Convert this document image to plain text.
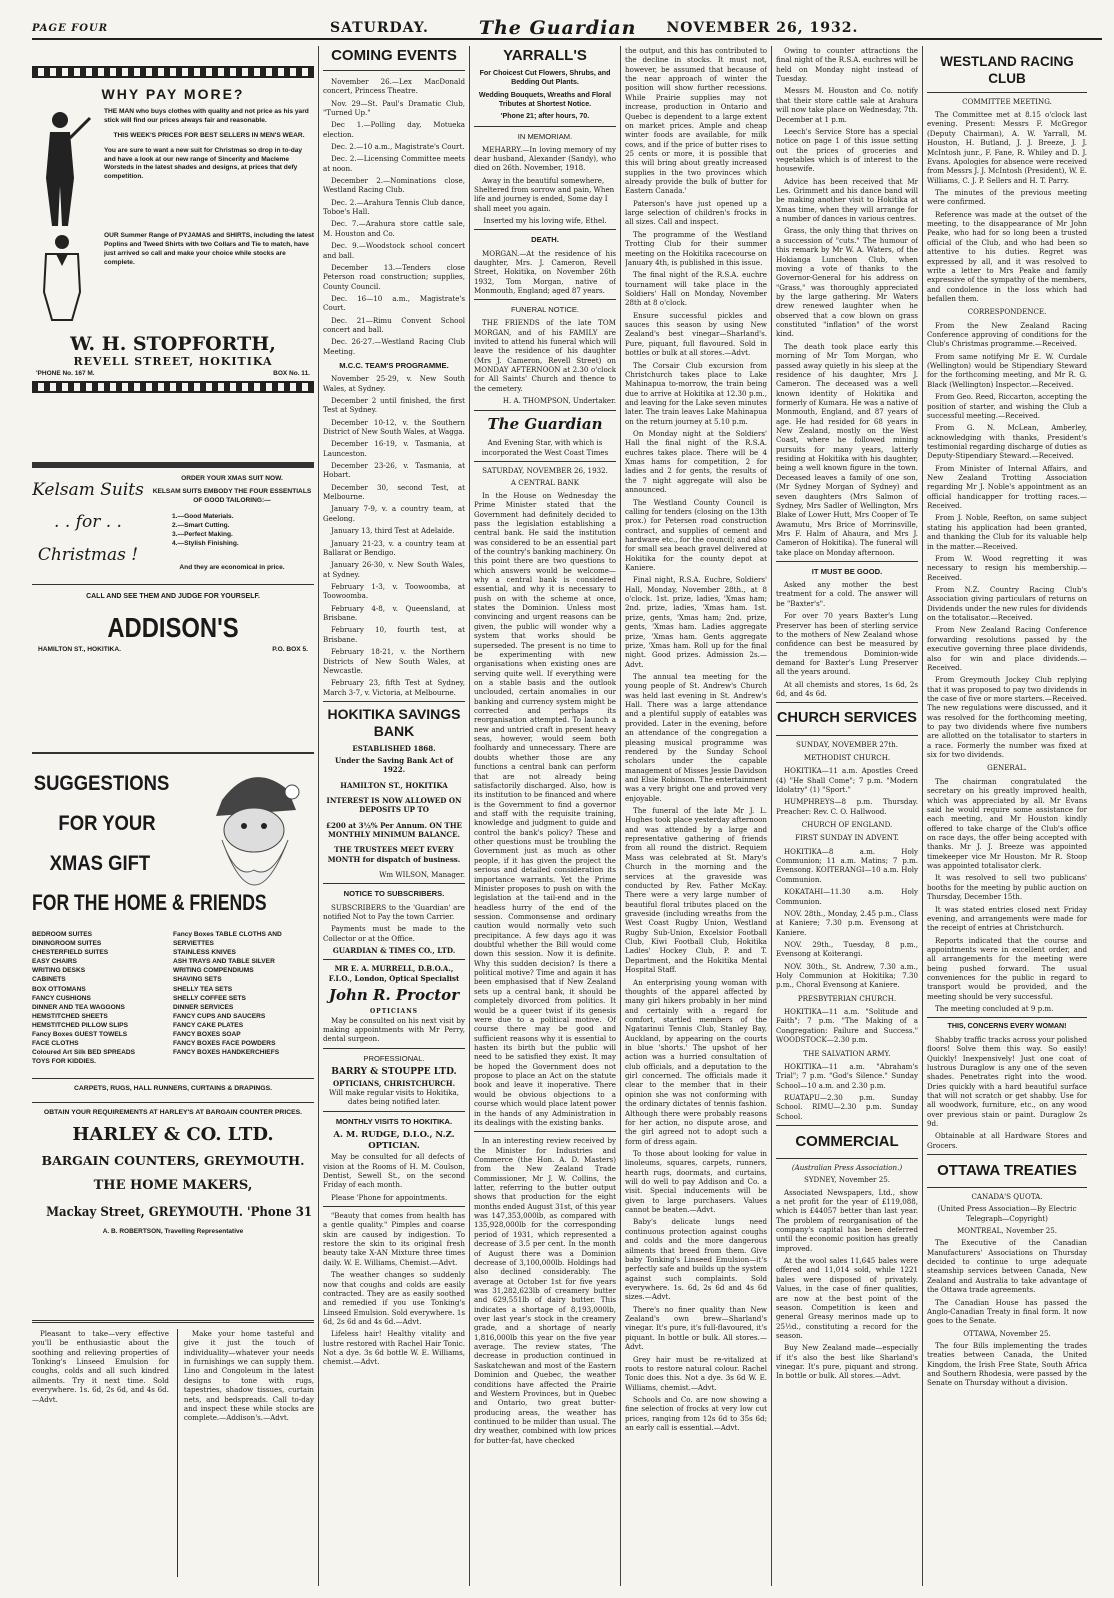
PAGE FOUR	SATURDAY.	The Guardian NOVEMBER 26, 1932.
WHY PAY MORE?

THE MAN who buys clothes with quality and not price as his yard stick will find our prices always fair and reasonable.

THIS WEEK'S PRICES FOR BEST SELLERS IN MEN'S WEAR.

You are sure to want a new suit for Christmas so drop in to-day and have a look at our new range of Sincerity and Macleme Worsteds in the latest shades and designs, at prices that defy competition.

OUR Summer Range of PYJAMAS and SHIRTS, including the latest Poplins and Tweed Shirts with two Collars and Tie to match, have just arrived so call and make your choice while stocks are complete.

W. H. STOPFORTH,
REVELL STREET, HOKITIKA
'PHONE No. 167 M.	BOX No. 11.
Kelsam Suits
. . for . .
Christmas !
ORDER YOUR XMAS SUIT NOW.
KELSAM SUITS EMBODY THE FOUR ESSENTIALS OF GOOD TAILORING:—
1.—Good Materials.
2.—Smart Cutting.
3.—Perfect Making.
4.—Stylish Finishing.
And they are economical in price.
CALL AND SEE THEM AND JUDGE FOR YOURSELF.
ADDISON'S
HAMILTON ST., HOKITIKA.	P.O. BOX 5.
SUGGESTIONS
FOR YOUR
XMAS GIFT
FOR THE HOME & FRIENDS
BEDROOM SUITES
DININGROOM SUITES
CHESTERFIELD SUITES
EASY CHAIRS
WRITING DESKS
CABINETS
BOX OTTOMANS
FANCY CUSHIONS
DINNER AND TEA WAGGONS
HEMSTITCHED SHEETS
HEMSTITCHED PILLOW SLIPS
Fancy Boxes GUEST TOWELS
FACE CLOTHS
Coloured Art Silk BED SPREADS
TOYS FOR KIDDIES.
Fancy Boxes TABLE CLOTHS AND SERVIETTES
STAINLESS KNIVES
ASH TRAYS AND TABLE SILVER
WRITING COMPENDIUMS
SHAVING SETS
SHELLY TEA SETS
SHELLY COFFEE SETS
DINNER SERVICES
FANCY CUPS AND SAUCERS
FANCY CAKE PLATES
FANCY BOXES SOAP
FANCY BOXES FACE POWDERS
FANCY BOXES HANDKERCHIEFS
CARPETS, RUGS, HALL RUNNERS, CURTAINS & DRAPINGS.
OBTAIN YOUR REQUIREMENTS AT HARLEY'S AT BARGAIN COUNTER PRICES.
HARLEY & CO. LTD.
BARGAIN COUNTERS, GREYMOUTH.
THE HOME MAKERS,
Mackay Street, GREYMOUTH. 'Phone 31
A. B. ROBERTSON, Travelling Representative

Pleasant to take—very effective you'll be enthusiastic about the soothing and relieving properties of Tonking's Linseed Emulsion for coughs, colds and all such kindred ailments. Try it next time. Sold everywhere. 1s. 6d, 2s 6d, and 4s 6d.—Advt.

Make your home tasteful and give it just the touch of individuality—whatever your needs in furnishings we can supply them. Lino and Congoleum in the latest designs to tone with rugs, tapestries, shadow tissues, curtain nets, and bedspreads. Call to-day and inspect these while stocks are complete.—Addison's.—Advt.

COMING EVENTS

November 26.—Lex MacDonald concert, Princess Theatre.

Nov. 29—St. Paul's Dramatic Club, "Turned Up."

Dec 1.—Polling day, Motueka election.

Dec. 2.—10 a.m., Magistrate's Court.

Dec. 2.—Licensing Committee meets at noon.

December 2.—Nominations close, Westland Racing Club.

Dec. 2.—Arahura Tennis Club dance, Toboe's Hall.

Dec. 7.—Arahura store cattle sale, M. Houston and Co.

Dec. 9.—Woodstock school concert and ball.

December 13.—Tenders close Peterson road construction; supplies, County Council.

Dec. 16—10 a.m., Magistrate's Court.

Dec. 21—Rimu Convent School concert and ball.

Dec. 26-27.—Westland Racing Club Meeting.

M.C.C. TEAM'S PROGRAMME.

November 25-29, v. New South Wales, at Sydney.

December 2 until finished, the first Test at Sydney.

December 10-12, v. the Southern District of New South Wales, at Wagga.

December 16-19, v. Tasmania, at Launceston.

December 23-26, v. Tasmania, at Hobart.

December 30, second Test, at Melbourne.

January 7-9, v. a country team, at Geelong.

January 13, third Test at Adelaide.

January 21-23, v. a country team at Ballarat or Bendigo.

January 26-30, v. New South Wales, at Sydney.

February 1-3, v. Toowoomba, at Toowoomba.

February 4-8, v. Queensland, at Brisbane.

February 10, fourth test, at Brisbane.

February 18-21, v. the Northern Districts of New South Wales, at Newcastle.

February 23, fifth Test at Sydney, March 3-7, v. Victoria, at Melbourne.

HOKITIKA SAVINGS BANK
ESTABLISHED 1868.
Under the Saving Bank Act of 1922.
HAMILTON ST., HOKITIKA
INTEREST IS NOW ALLOWED ON DEPOSITS UP TO
£200 at 3½% Per Annum. ON THE MONTHLY MINIMUM BALANCE.
THE TRUSTEES MEET EVERY MONTH for dispatch of business.
Wm WILSON, Manager.
NOTICE TO SUBSCRIBERS.

SUBSCRIBERS to the 'Guardian' are notified Not to Pay the town Carrier.

Payments must be made to the Collector or at the Office.

GUARDIAN & TIMES CO., LTD.

MR E. A. MURRELL, D.B.O.A., F.I.O., London, Optical Specialist

John R. Proctor
OPTICIANS

May be consulted on his next visit by making appointments with Mr Perry, dental surgeon.

PROFESSIONAL.
BARRY & STOUPPE LTD.
OPTICIANS, CHRISTCHURCH.

Will make regular visits to Hokitika, dates being notified later.

MONTHLY VISITS TO HOKITIKA.
A. M. RUDGE, D.I.O., N.Z. OPTICIAN.

May be consulted for all defects of vision at the Rooms of H. M. Coulson, Dentist, Sewell St., on the second Friday of each month.

Please 'Phone for appointments.

"Beauty that comes from health has a gentle quality." Pimples and coarse skin are caused by indigestion. To restore the skin to its original fresh beauty take X-AN Mixture three times daily. W. E. Williams, Chemist.—Advt.

The weather changes so suddenly now that coughs and colds are easily contracted. They are as easily soothed and remedied if you use Tonking's Linseed Emulsion. Sold everywhere. 1s 6d, 2s 6d and 4s 6d.—Advt.

Lifeless hair! Healthy vitality and lustre restored with Rachel Hair Tonic. Not a dye. 3s 6d bottle W. E. Williams, chemist.—Advt.

YARRALL'S
For Choicest Cut Flowers, Shrubs, and Bedding Out Plants.
Wedding Bouquets, Wreaths and Floral Tributes at Shortest Notice.
'Phone 21; after hours, 70.
IN MEMORIAM.

MEHARRY.—In loving memory of my dear husband, Alexander (Sandy), who died on 26th. November, 1918.

Away in the beautiful somewhere, Sheltered from sorrow and pain, When life and journey is ended, Some day I shall meet you again.

Inserted my his loving wife, Ethel.

DEATH.

MORGAN.—At the residence of his daughter, Mrs. J. Cameron, Revell Street, Hokitika, on November 26th 1932, Tom Morgan, native of Monmouth, England; aged 87 years.

FUNERAL NOTICE.

THE FRIENDS of the late TOM MORGAN, and of his FAMILY are invited to attend his funeral which will leave the residence of his daughter (Mrs J. Cameron, Revell Street) on MONDAY AFTERNOON at 2.30 o'clock for All Saints' Church and thence to the cemetery.

H. A. THOMPSON, Undertaker.

The Guardian

And Evening Star, with which is incorporated the West Coast Times

SATURDAY, NOVEMBER 26, 1932.
A CENTRAL BANK

In the House on Wednesday the Prime Minister stated that the Government had definitely decided to pass the legislation establishing a central bank. He said the institution was considered to be an essential part of the country's banking machinery. On this point there are two questions to which answers would be welcome—why a central bank is considered essential, and why it is necessary to push on with the scheme at once, states the Dominion. Unless most convincing and urgent reasons can be given, the public will wonder why a system that works should be superseded. The present is no time to be experimenting with new organisations when existing ones are serving quite well. If everything were on a stable basis and the outlook unclouded, certain anomalies in our banking and currency system might be corrected and perhaps its reorganisation attempted. To launch a new and untried craft in present heavy seas, however, would seem both foolhardy and unnecessary. There are doubts whether those are any functions a central bank can perform that are not already being satisfactorily discharged. Also, how is its institution to be financed and where is the Government to find a governor and staff with the requisite training, knowledge and judgment to guide and control the bank's policy? These and other questions must be troubling the Government just as much as other people, if it has given the project the serious and detailed consideration its importance warrants. Yet the Prime Minister proposes to push on with the legislation at the tail-end and in the headless hurry of the end of the session. Commonsense and ordinary caution would normally veto such precipitance. A few days ago it was doubtful whether the Bill would come down this session. Now it is definite. Why this sudden decision? Is there a political motive? Time and again it has been emphasised that if New Zealand sets up a central bank, it should be completely divorced from politics. It would be a queer twist if its genesis were due to a political motive. Of course there may be good and sufficient reasons why it is essential to hasten its birth but the public will need to be satisfied they exist. It may be hoped the Government does not propose to place an Act on the statute book and leave it inoperative. There would be obvious objections to a course which would place latent power in the hands of any Administration in its dealings with the existing banks.

In an interesting review received by the Minister for Industries and Commerce (the Hon. A. D. Masters) from the New Zealand Trade Commissioner, Mr J. W. Collins, the latter, referring to the butter output shows that production for the eight months ended August 31st, of this year was 147,353,000lb, as compared with 135,928,000lb for the corresponding period of 1931, which represented a decrease of 3.5 per cent. In the month of August there was a Dominion decrease of 3,100,000lb. Holdings had also declined considerably. The average at October 1st for five years was 31,282,623lb of creamery butter and 629,551lb of dairy butter. This indicates a shortage of 8,193,000lb, over last year's stock in the creamery grade, and a shortage of nearly 1,816,000lb this year on the five year average. The review states, 'The decrease in production continued in Saskatchewan and most of the Eastern Dominion and Quebec, the weather conditions have affected the Prairie and Western Provinces, but in Quebec and Ontario, two great butter-producing areas, the weather has continued to be milder than usual. The dry weather, combined with low prices for butter-fat, have checked

the output, and this has contributed to the decline in stocks. It must not, however, be assumed that because of the near approach of winter the position will show further recessions. While Prairie supplies may not increase, production in Ontario and Quebec is dependent to a large extent on market prices. Ample and cheap winter foods are available, for milk cows, and if the price of butter rises to 25 cents or more, it is possible that this will bring about greatly increased supplies in the two provinces which already provide the bulk of butter for Eastern Canada.'

Paterson's have just opened up a large selection of children's frocks in all sizes. Call and inspect.

The programme of the Westland Trotting Club for their summer meeting on the Hokitika racecourse on January 4th, is published in this issue.

The final night of the R.S.A. euchre tournament will take place in the Soldiers' Hall on Monday, November 28th at 8 o'clock.

Ensure successful pickles and sauces this season by using New Zealand's best vinegar—Sharland's. Pure, piquant, full flavoured. Sold in bottles or bulk at all stores.—Advt.

The Corsair Club excursion from Christchurch takes place to Lake Mahinapua to-morrow, the train being due to arrive at Hokitika at 12.30 p.m., and leaving for the Lake seven minutes later. The train leaves Lake Mahinapua on the return journey at 5.10 p.m.

On Monday night at the Soldiers' Hall the final night of the R.S.A. euchres takes place. There will be 4 Xmas hams for competition, 2 for ladies and 2 for gents, the results of the 7 night aggregate will also be announced.

The Westland County Council is calling for tenders (closing on the 13th prox.) for Petersen road construction contract, and supplies of cement and hardware etc., for the council; and also for small sea beach gravel delivered at Hokitika for the county depot at Kaniere.

Final night, R.S.A. Euchre, Soldiers' Hall, Monday, November 28th., at 8 o'clock. 1st. prize, ladies, 'Xmas ham; 2nd. prize, ladies, 'Xmas ham. 1st. prize, gents, 'Xmas ham; 2nd. prize, gents, 'Xmas ham. Ladies aggregate prize, 'Xmas ham. Gents aggregate prize, 'Xmas ham. Roll up for the final night. Good prizes. Admission 2s.—Advt.

The annual tea meeting for the young people of St. Andrew's Church was held last evening in St. Andrew's Hall. There was a large attendance and a plentiful supply of eatables was provided. Later in the evening, before an attendance of the congregation a pleasing musical programme was rendered by the Sunday School scholars under the capable management of Misses Jessie Davidson and Elsie Robinson. The entertainment was a very bright one and proved very enjoyable.

The funeral of the late Mr J. L. Hughes took place yesterday afternoon and was attended by a large and representative gathering of friends from all round the district. Requiem Mass was celebrated at St. Mary's Church in the morning and the services at the graveside was conducted by Rev. Father McKay. There were a very large number of beautiful floral tributes placed on the graveside (including wreaths from the West Coast Rugby Union, Westland Rugby Sub-Union, Excelsior Football Club, Kiwi Football Club, Hokitika Ladies' Hockey Club, P. and T. Department, and the Hokitika Mental Hospital Staff.

An enterprising young woman with thoughts of the apparel affected by many girl hikers probably in her mind and certainly with a regard for comfort, startled members of the Ngatarinui Tennis Club, Stanley Bay, Auckland, by appearing on the courts in blue 'shorts.' The upshot of her action was a hurried consultation of club officials, and a deputation to the girl concerned. The officials made it clear to the member that in their opinion she was not conforming with the ordinary dictates of tennis fashion. Although there were probably reasons for her action, no dispute arose, and the girl agreed not to adopt such a form of dress again.

To those about looking for value in linoleums, squares, carpets, runners, hearth rugs, doormats, and curtains, will do well to pay Addison and Co. a visit. Special inducements will be given to large purchasers. Values cannot be beaten.—Advt.

Baby's delicate lungs need continuous protection against coughs and colds and the more dangerous ailments that breed from them. Give baby Tonking's Linseed Emulsion—it's perfectly safe and builds up the system against such complaints. Sold everywhere. 1s. 6d, 2s 6d and 4s 6d sizes.—Advt.

There's no finer quality than New Zealand's own brew—Sharland's vinegar. It's pure, it's full-flavoured, it's piquant. In bottle or bulk. All stores.—Advt.

Grey hair must be re-vitalized at roots to restore natural colour. Rachel Tonic does this. Not a dye. 3s 6d W. E. Williams, chemist.—Advt.

Schools and Co. are now showing a fine selection of frocks at very low cut prices, ranging from 12s 6d to 35s 6d; an early call is essential.—Advt.

Owing to counter attractions the final night of the R.S.A. euchres will be held on Monday night instead of Tuesday.

Messrs M. Houston and Co. notify that their store cattle sale at Arahura will now take place on Wednesday, 7th. December at 1 p.m.

Leech's Service Store has a special notice on page 1 of this issue setting out the prices of groceries and vegetables which is of interest to the housewife.

Advice has been received that Mr Les. Grimmett and his dance band will be making another visit to Hokitika at Xmas time, when they will arrange for a number of dances in various centres.

Grass, the only thing that thrives on a succession of "cuts." The humour of this remark by Mr W. A. Waters, of the Hokianga Luncheon Club, when moving a vote of thanks to the Governor-General for his address on "Grass," was thoroughly appreciated by the large gathering. Mr Waters drew renewed laughter when he observed that a cow blown on grass constituted "inflation" of the worst kind.

The death took place early this morning of Mr Tom Morgan, who passed away quietly in his sleep at the residence of his daughter, Mrs J. Cameron. The deceased was a well known identity of Hokitika and formerly of Kumara. He was a native of Monmouth, England, and 87 years of age. He had resided for 68 years in New Zealand, mostly on the West Coast, where he followed mining pursuits for many years, latterly residing at Hokitika with his daughter, being a well known figure in the town. Deceased leaves a family of one son, (Mr Sydney Morgan of Sydney) and seven daughters (Mrs Salmon of Sydney, Mrs Sadler of Wellington, Mrs Blake of Lower Hutt, Mrs Cooper of Te Awamutu, Mrs Brice of Morrinsville, Mrs F. Halm of Ahaura, and Mrs J. Cameron of Hokitika). The funeral will take place on Monday afternoon.

IT MUST BE GOOD.

Asked any mother the best treatment for a cold. The answer will be "Baxter's".

For over 70 years Baxter's Lung Preserver has been of sterling service to the mothers of New Zealand whose confidence can best be measured by the tremendous Dominion-wide demand for Baxter's Lung Preserver all the years around.

At all chemists and stores, 1s 6d, 2s 6d, and 4s 6d.

CHURCH SERVICES
SUNDAY, NOVEMBER 27th.
METHODIST CHURCH.

HOKITIKA—11 a.m. Apostles Creed (4) "He Shall Come"; 7 p.m. "Modern Idolatry" (1) "Sport."

HUMPHREYS—8 p.m. Thursday. Preacher: Rev. C. O. Hallwood.

CHURCH OF ENGLAND.
FIRST SUNDAY IN ADVENT.

HOKITIKA—8 a.m. Holy Communion; 11 a.m. Matins; 7 p.m. Evensong. KOITERANGI—10 a.m. Holy Communion.

KOKATAHI—11.30 a.m. Holy Communion.

NOV. 28th., Monday, 2.45 p.m., Class at Kaniere; 7.30 p.m. Evensong at Kaniere.

NOV. 29th., Tuesday, 8 p.m., Evensong at Koiterangi.

NOV. 30th., St. Andrew, 7.30 a.m., Holy Communion at Hokitika; 7.30 p.m., Choral Evensong at Kaniere.

PRESBYTERIAN CHURCH.

HOKITIKA—11 a.m. "Solitude and Faith"; 7 p.m. "The Making of a Congregation: Failure and Success." WOODSTOCK—2.30 p.m.

THE SALVATION ARMY.

HOKITIKA—11 a.m. "Abraham's Trial"; 7 p.m. "God's Silence." Sunday School—10 a.m. and 2.30 p.m.

RUATAPU—2.30 p.m. Sunday School. RIMU—2.30 p.m. Sunday School.

COMMERCIAL
(Australian Press Association.)
SYDNEY, November 25.

Associated Newspapers, Ltd., show a net profit for the year of £119,088, which is £44057 better than last year. The problem of reorganisation of the company's capital has been deferred until the economic position has greatly improved.

At the wool sales 11,645 bales were offered and 11,014 sold, while 1221 bales were disposed of privately. Values, in the case of finer qualities, are now at the best point of the season. Competition is keen and general Greasy merinos made up to 25½d., constituting a record for the season.

Buy New Zealand made—especially if it's also the best like Sharland's vinegar. It's pure, piquant and strong. In bottle or bulk. All stores.—Advt.

WESTLAND RACING CLUB
COMMITTEE MEETING.

The Committee met at 8.15 o'clock last evening. Present: Messrs F. McGregor (Deputy Chairman), A. W. Yarrall, M. Houston, H. Butland, J. J. Breeze, J. J. McIntosh junr., F. Fane, R. Whiley and D. J. Evans. Apologies for absence were received from Messrs J. J. McIntosh (President), W. E. Williams, C. J. P. Sellers and H. T. Parry.

The minutes of the previous meeting were confirmed.

Reference was made at the outset of the meeting, to the disappearance of Mr John Peake, who had for so long been a trusted official of the Club, and who had been so attentive to his duties. Regret was expressed by all, and it was resolved to write a letter to Mrs Peake and family expressive of the sympathy of the members, and condolence in the loss which had befallen them.

CORRESPONDENCE.

From the New Zealand Racing Conference approving of conditions for the Club's Christmas programme.—Received.

From same notifying Mr E. W. Curdale (Wellington) would be Stipendiary Steward for the forthcoming meeting, and Mr R. G. Black (Wellington) Inspector.—Received.

From Geo. Reed, Riccarton, accepting the position of starter, and wishing the Club a successful meeting.—Received.

From G. N. McLean, Amberley, acknowledging with thanks, President's testimonial regarding discharge of duties as Deputy-Stipendiary Steward.—Received.

From Minister of Internal Affairs, and New Zealand Trotting Association regarding Mr J. Noble's appointment as an official handicapper for trotting races.—Received.

From J. Noble, Reefton, on same subject stating his application had been granted, and thanking the Club for its valuable help in the matter.—Received.

From W. Wood regretting it was necessary to resign his membership.—Received.

From N.Z. Country Racing Club's Association giving particulars of returns on Dividends under the new rules for dividends on the totalisator.—Received.

From New Zealand Racing Conference forwarding resolutions passed by the executive governing three place dividends, also for win and place dividends.—Received.

From Greymouth Jockey Club replying that it was proposed to pay two dividends in the case of five or more starters.—Received. The new regulations were discussed, and it was resolved for the forthcoming meeting, to pay two dividends where five numbers are allotted on the totalisator to starters in a race. Formerly the number was fixed at six for two dividends.

GENERAL.

The chairman congratulated the secretary on his greatly improved health, which was appreciated by all. Mr Evans said he would require some assistance for each meeting, and Mr Houston kindly offered to take charge of the Club's office on race days, the offer being accepted with thanks. Mr J. J. Breeze was appointed timekeeper vice Mr Houston. Mr R. Stoop was appointed totalisator clerk.

It was resolved to sell two publicans' booths for the meeting by public auction on Thursday, December 15th.

It was stated entries closed next Friday evening, and arrangements were made for the receipt of entries at Christchurch.

Reports indicated that the course and appointments were in excellent order, and all arrangements for the meeting were being pushed forward. The usual conveniences for the public in regard to transport would be provided, and the meeting should be very successful.

The meeting concluded at 9 p.m.

THIS, CONCERNS EVERY WOMAN!

Shabby traffic tracks across your polished floors! Solve them this way. So easily! Quickly! Inexpensively! Just one coat of lustrous Duraglow is any one of the seven shades. Penetrates right into the wood. Dries quickly with a hard beautiful surface that will not scratch or get shabby. Use for all woodwork, furniture, etc., on any wood over previous stain or paint. Duraglow 2s 9d.

Obtainable at all Hardware Stores and Grocers.

OTTAWA TREATIES
CANADA'S QUOTA.
(United Press Association—By Electric Telegraph—Copyright)
MONTREAL, November 25.

The Executive of the Canadian Manufacturers' Associations on Thursday decided to continue to urge adequate steamship services between Canada, New Zealand and Australia to take advantage of the Ottawa trade agreements.

The Canadian House has passed the Anglo-Canadian Treaty in final form. It now goes to the Senate.

OTTAWA, November 25.

The four Bills implementing the trades treaties between Canada, the United Kingdom, the Irish Free State, South Africa and Southern Rhodesia, were passed by the Senate on Thursday without a division.
